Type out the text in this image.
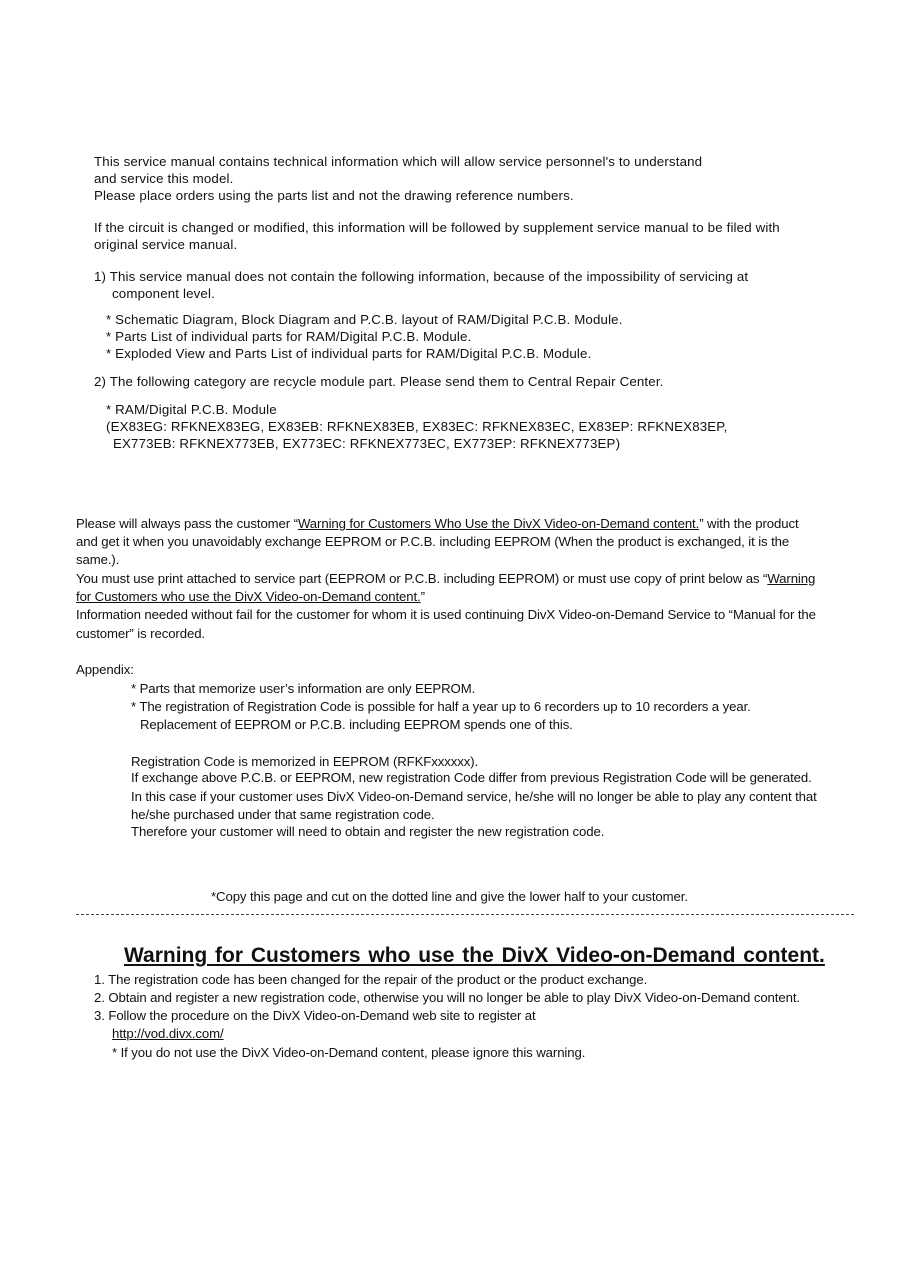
This service manual contains technical information which will allow service personnel's to understand

and service this model.

Please place orders using the parts list and not the drawing reference numbers.

If the circuit is changed or modified, this information will be followed by supplement service manual to be filed with

original service manual.

1) This service manual does not contain the following information, because of the impossibility of servicing at

component level.

* Schematic Diagram, Block Diagram and P.C.B. layout of RAM/Digital P.C.B. Module.

* Parts List of individual parts for RAM/Digital P.C.B. Module.

* Exploded View and Parts List of individual parts for RAM/Digital P.C.B. Module.

2) The following category are recycle module part. Please send them to Central Repair Center.

* RAM/Digital P.C.B. Module

(EX83EG: RFKNEX83EG, EX83EB: RFKNEX83EB, EX83EC: RFKNEX83EC, EX83EP: RFKNEX83EP,

EX773EB: RFKNEX773EB, EX773EC: RFKNEX773EC, EX773EP: RFKNEX773EP)

Please will always pass the customer “Warning for Customers Who Use the DivX Video-on-Demand content.” with the product

and get it when you unavoidably exchange EEPROM or P.C.B. including EEPROM (When the product is exchanged, it is the

same.).

You must use print attached to service part (EEPROM or P.C.B. including EEPROM) or must use copy of print below as “Warning

for Customers who use the DivX Video-on-Demand content.”

Information needed without fail for the customer for whom it is used continuing DivX Video-on-Demand Service to “Manual for the

customer” is recorded.

Appendix:

* Parts that memorize user’s information are only EEPROM.

* The registration of Registration Code is possible for half a year up to 6 recorders up to 10 recorders a year.

Replacement of EEPROM or P.C.B. including EEPROM spends one of this.

Registration Code is memorized in EEPROM (RFKFxxxxxx).

If exchange above P.C.B. or EEPROM, new registration Code differ from previous Registration Code will be generated.

In this case if your customer uses DivX Video-on-Demand service, he/she will no longer be able to play any content that

he/she purchased under that same registration code.

Therefore your customer will need to obtain and register the new registration code.

*Copy this page and cut on the dotted line and give the lower half to your customer.

Warning for Customers who use the DivX Video-on-Demand content.

1. The registration code has been changed for the repair of the product or the product exchange.

2. Obtain and register a new registration code, otherwise you will no longer be able to play DivX Video-on-Demand content.

3. Follow the procedure on the DivX Video-on-Demand web site to register at

http://vod.divx.com/

* If you do not use the DivX Video-on-Demand content, please ignore this warning.
